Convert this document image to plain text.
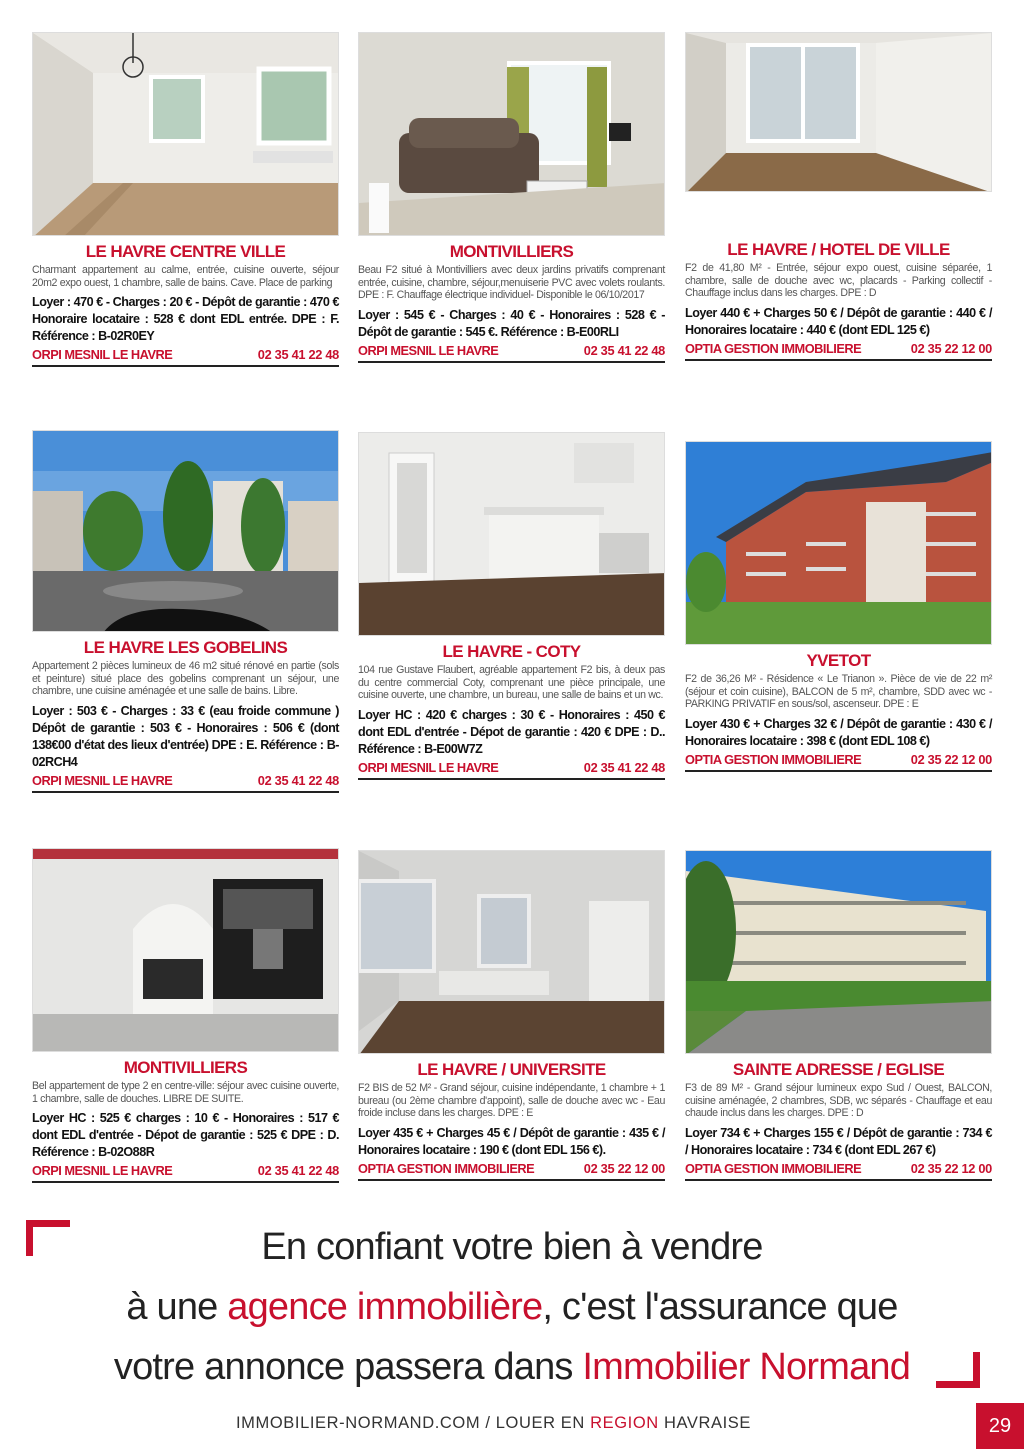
LE HAVRE CENTRE VILLE
Charmant appartement au calme, entrée, cuisine ouverte, séjour 20m2 expo ouest, 1 chambre, salle de bains. Cave. Place de parking
Loyer : 470 € - Charges : 20 € - Dépôt de garantie : 470 € Honoraire locataire : 528 € dont EDL entrée. DPE : F. Référence : B-02R0EY
ORPI MESNIL LE HAVRE	02 35 41 22 48
MONTIVILLIERS
Beau F2 situé à Montivilliers avec deux jardins privatifs comprenant entrée, cuisine, chambre, séjour,menuiserie PVC avec volets roulants. DPE : F. Chauffage électrique individuel- Disponible le 06/10/2017
Loyer : 545 € - Charges : 40 € - Honoraires : 528 € - Dépôt de garantie : 545 €. Référence : B-E00RLI
ORPI MESNIL LE HAVRE	02 35 41 22 48
LE HAVRE / HOTEL DE VILLE
F2 de 41,80 M² - Entrée, séjour expo ouest, cuisine séparée, 1 chambre, salle de douche avec wc, placards - Parking collectif - Chauffage inclus dans les charges. DPE : D
Loyer 440 € + Charges 50 € / Dépôt de garantie : 440 € / Honoraires locataire : 440 € (dont EDL 125 €)
OPTIA GESTION IMMOBILIERE	02 35 22 12 00
LE HAVRE LES GOBELINS
Appartement 2 pièces lumineux de 46 m2 situé rénové en partie (sols et peinture) situé place des gobelins comprenant un séjour, une chambre, une cuisine aménagée et une salle de bains. Libre.
Loyer : 503 € - Charges : 33 € (eau froide commune ) Dépôt de garantie : 503 € - Honoraires : 506 € (dont 138€00 d'état des lieux d'entrée) DPE : E. Référence : B-02RCH4
ORPI MESNIL LE HAVRE	02 35 41 22 48
LE HAVRE - COTY
104 rue Gustave Flaubert, agréable appartement F2 bis, à deux pas du centre commercial Coty, comprenant une pièce principale, une cuisine ouverte, une chambre, un bureau, une salle de bains et un wc.
Loyer HC : 420 € charges : 30 € - Honoraires : 450 € dont EDL d'entrée - Dépot de garantie : 420 € DPE : D.. Référence : B-E00W7Z
ORPI MESNIL LE HAVRE	02 35 41 22 48
YVETOT
F2 de 36,26 M² - Résidence « Le Trianon ». Pièce de vie de 22 m² (séjour et coin cuisine), BALCON de 5 m², chambre, SDD avec wc - PARKING PRIVATIF en sous/sol, ascenseur. DPE : E
Loyer 430 € + Charges 32 € / Dépôt de garantie : 430 € / Honoraires locataire : 398 € (dont EDL 108 €)
OPTIA GESTION IMMOBILIERE	02 35 22 12 00
MONTIVILLIERS
Bel appartement de type 2 en centre-ville: séjour avec cuisine ouverte, 1 chambre, salle de douches. LIBRE DE SUITE.
Loyer HC : 525 € charges : 10 € - Honoraires : 517 € dont EDL d'entrée - Dépot de garantie : 525 € DPE : D. Référence : B-02O88R
ORPI MESNIL LE HAVRE	02 35 41 22 48
LE HAVRE / UNIVERSITE
F2 BIS de 52 M² - Grand séjour, cuisine indépendante, 1 chambre + 1 bureau (ou 2ème chambre d'appoint), salle de douche avec wc - Eau froide incluse dans les charges. DPE : E
Loyer 435 € + Charges 45 € / Dépôt de garantie : 435 € / Honoraires locataire : 190 € (dont EDL 156 €).
OPTIA GESTION IMMOBILIERE	02 35 22 12 00
SAINTE ADRESSE / EGLISE
F3 de 89 M² - Grand séjour lumineux expo Sud / Ouest, BALCON, cuisine aménagée, 2 chambres, SDB, wc séparés - Chauffage et eau chaude inclus dans les charges. DPE : D
Loyer 734 € + Charges 155 € / Dépôt de garantie : 734 € / Honoraires locataire : 734 € (dont EDL 267 €)
OPTIA GESTION IMMOBILIERE	02 35 22 12 00
En confiant votre bien à vendre
à une agence immobilière, c'est l'assurance que
votre annonce passera dans Immobilier Normand
IMMOBILIER-NORMAND.COM / LOUER EN REGION HAVRAISE	29
